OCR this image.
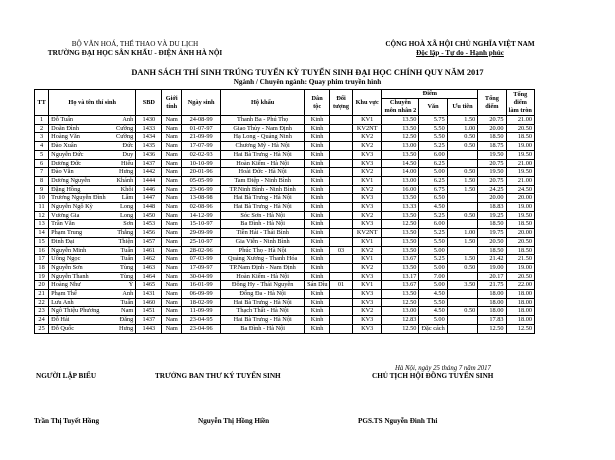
BỘ VĂN HOÁ, THỂ THAO VÀ DU LỊCH
TRƯỜNG ĐẠI HỌC SÂN KHẤU - ĐIỆN ẢNH HÀ NỘI
CỘNG HOÀ XÃ HỘI CHỦ NGHĨA VIỆT NAM
Độc lập - Tự do - Hạnh phúc
DANH SÁCH THÍ SINH TRÚNG TUYỂN KỲ TUYỂN SINH ĐẠI HỌC CHÍNH QUY NĂM 2017
Ngành / Chuyên ngành: Quay phim truyền hình
TT	Họ và tên thí sinh	SBD	Giới tính	Ngày sinh	Hộ khẩu	Dân tộc	Đối tượng	Khu vực	Điểm			Tổng điểm	Tổng điểm làm tròn
									Chuyên môn nhân 2	Văn	Ưu tiên		
1	Đỗ Tuấn Anh	1430	Nam	24-08-99	Thanh Ba - Phú Thọ	Kinh		KV1	13.50	5.75	1.50	20.75	21.00
2	Doãn Đình Cường	1433	Nam	01-07-97	Giao Thủy - Nam Định	Kinh		KV2NT	13.50	5.50	1.00	20.00	20.50
3	Hoàng Văn Cường	1434	Nam	21-09-99	Hạ Long - Quảng Ninh	Kinh		KV2	12.50	5.50	0.50	18.50	18.50
4	Đào Xuân Đức	1435	Nam	17-07-99	Chương Mỹ - Hà Nội	Kinh		KV2	13.00	5.25	0.50	18.75	19.00
5	Nguyễn Đức Duy	1436	Nam	02-02-93	Hai Bà Trưng - Hà Nội	Kinh		KV3	13.50	6.00		19.50	19.50
6	Dương Đức Hiếu	1437	Nam	10-10-99	Hoàn Kiếm - Hà Nội	Kinh		KV3	14.50	6.25		20.75	21.00
7	Đào Văn Hưng	1442	Nam	20-01-96	Hoài Đức - Hà Nội	Kinh		KV2	14.00	5.00	0.50	19.50	19.50
8	Dương Nguyễn Khánh	1444	Nam	05-05-99	Tam Điệp - Ninh Bình	Kinh		KV1	13.00	6.25	1.50	20.75	21.00
9	Đặng Hồng Khôi	1446	Nam	23-06-99	TP.Ninh Bình - Ninh Bình	Kinh		KV2	16.00	6.75	1.50	24.25	24.50
10	Trương Nguyễn Đình Lâm	1447	Nam	13-08-98	Hai Bà Trưng - Hà Nội	Kinh		KV3	13.50	6.50		20.00	20.00
11	Nguyễn Ngô Kỳ Long	1448	Nam	02-08-96	Hai Bà Trưng - Hà Nội	Kinh		KV3	13.33	4.50		18.83	19.00
12	Vương Gia Long	1450	Nam	14-12-99	Sóc Sơn - Hà Nội	Kinh		KV2	13.50	5.25	0.50	19.25	19.50
13	Trần Văn Sơn	1453	Nam	15-10-97	Ba Đình - Hà Nội	Kinh		KV3	12.50	6.00		18.50	18.50
14	Phạm Trung Thắng	1456	Nam	29-09-99	Tiền Hải - Thái Bình	Kinh		KV2NT	13.50	5.25	1.00	19.75	20.00
15	Đinh Đại Thiện	1457	Nam	25-10-97	Gia Viễn - Ninh Bình	Kinh		KV1	13.50	5.50	1.50	20.50	20.50
16	Nguyễn Minh Tuấn	1461	Nam	28-02-96	Phúc Thọ - Hà Nội	Kinh	03	KV2	13.50	5.00		18.50	18.50
17	Uông Ngọc Tuấn	1462	Nam	07-03-99	Quảng Xương - Thanh Hóa	Kinh		KV1	13.67	5.25	1.50	21.42	21.50
18	Nguyễn Sơn Tùng	1463	Nam	17-09-97	TP.Nam Định - Nam Định	Kinh		KV2	13.50	5.00	0.50	19.00	19.00
19	Nguyễn Thanh Tùng	1464	Nam	30-04-99	Hoàn Kiếm - Hà Nội	Kinh		KV3	13.17	7.00		20.17	20.50
20	Hoàng Như Ý	1465	Nam	16-01-99	Đông Hy - Thái Nguyên	Sán Dìu	01	KV1	13.67	5.00	3.50	21.75	22.00
21	Phạm Thế Anh	1431	Nam	06-09-99	Đống Đa - Hà Nội	Kinh		KV3	13.50	4.50		18.00	18.00
22	Lưu Anh Tuấn	1460	Nam	18-02-99	Hai Bà Trưng - Hà Nội	Kinh		KV3	12.50	5.50		18.00	18.00
23	Ngô Thiệu Phương Nam	1451	Nam	11-09-99	Thạch Thất - Hà Nội	Kinh		KV2	13.00	4.50	0.50	18.00	18.00
24	Đỗ Hải Đăng	1437	Nam	23-04-95	Hai Bà Trưng - Hà Nội	Kinh		KV3	12.83	5.00		17.83	18.00
25	Đỗ Quốc Hưng	1443	Nam	23-04-96	Ba Đình - Hà Nội	Kinh		KV3	12.50	Đặc cách		12.50	12.50
Hà Nội, ngày 25 tháng 7 năm 2017
NGƯỜI LẬP BIỂU	TRƯỞNG BAN THƯ KÝ TUYỂN SINH	CHỦ TỊCH HỘI ĐỒNG TUYỂN SINH
Trần Thị Tuyết Hồng	Nguyễn Thị Hồng Hiền	PGS.TS Nguyễn Đình Thi
